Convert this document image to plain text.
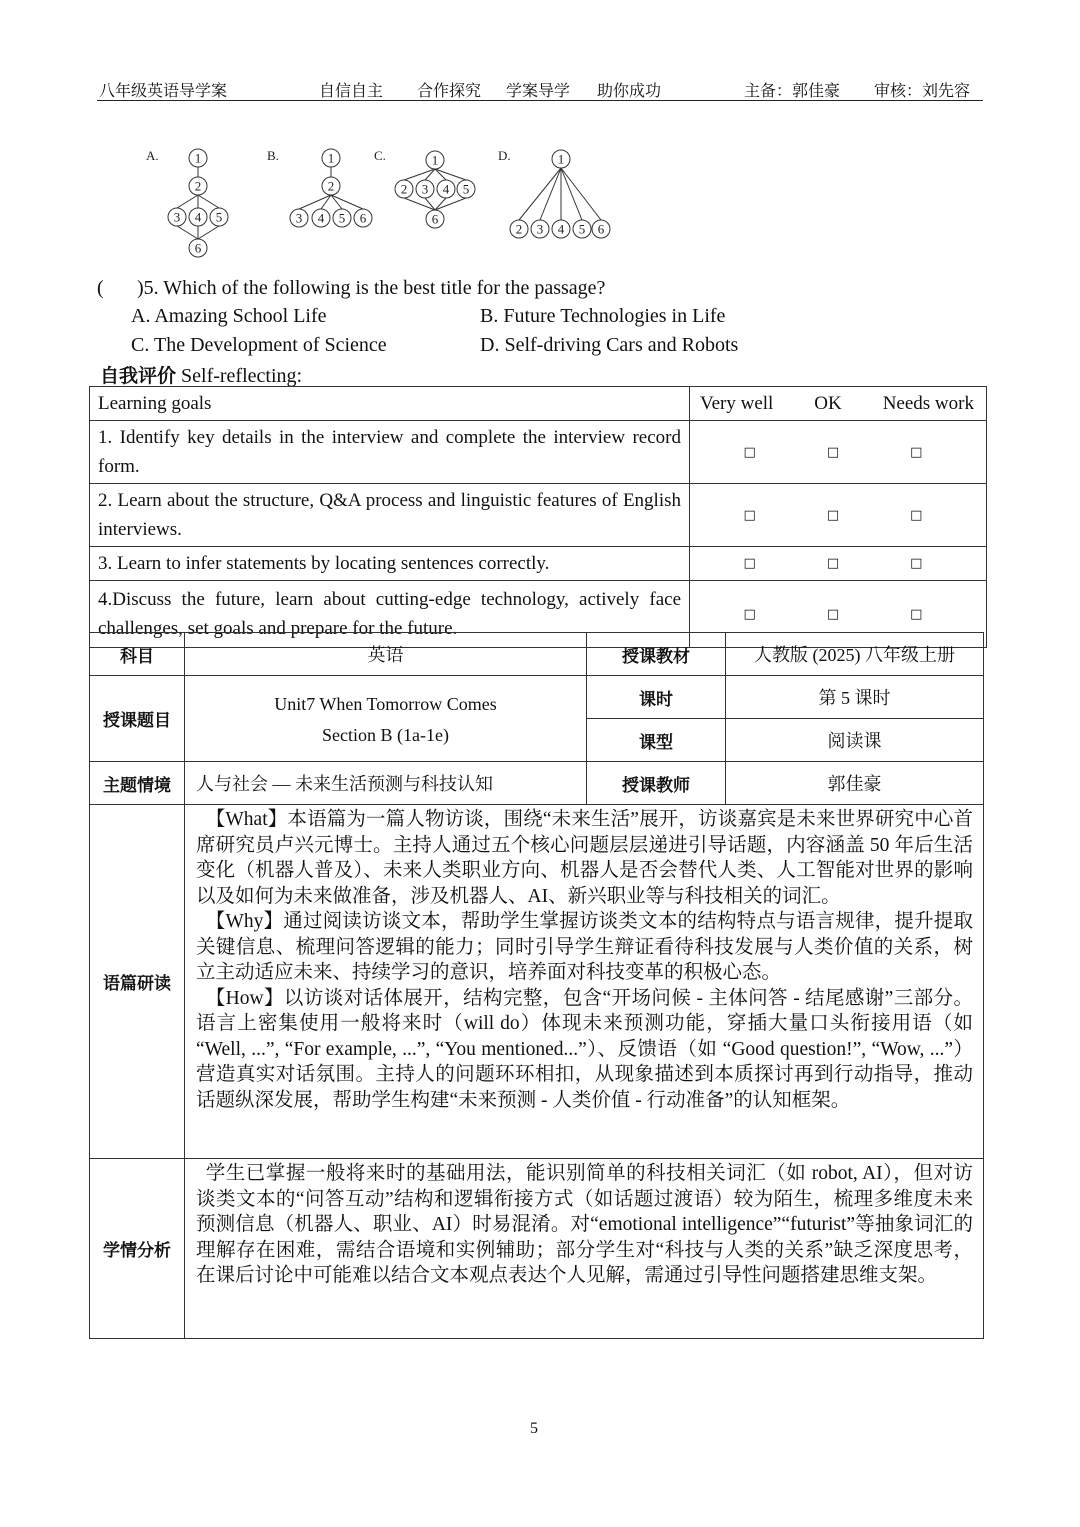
八年级英语导学案	自信自主 合作探究 学案导学 助你成功	主备：郭佳豪 审核：刘先容
A.	B.	C.	D.
1
2
3 4 5
6
1
2
3 4 5 6
1
2 3 4 5
6
1
2 3 4 5 6
( )5. Which of the following is the best title for the passage?
A. Amazing School Life	B. Future Technologies in Life
C. The Development of Science	D. Self-driving Cars and Robots
自我评价 Self-reflecting:
Learning goals	Very well OK Needs work

1. Identify key details in the interview and complete the interview record form.	□ □ □

2. Learn about the structure, Q&A process and linguistic features of English interviews.	□ □ □

3. Learn to infer statements by locating sentences correctly.	□ □ □

4.Discuss the future, learn about cutting-edge technology, actively face challenges, set goals and prepare for the future.	□ □ □
科目	英语	授课教材	人教版 (2025) 八年级上册
授课题目	Unit7 When Tomorrow Comes	课时	第 5 课时
	Section B (1a-1e)	课型	阅读课
主题情境	人与社会 — 未来生活预测与科技认知	授课教师	郭佳豪
语篇研读	【What】本语篇为一篇人物访谈，围绕“未来生活”展开，访谈嘉宾是未来世界研究中心首席研究员卢兴元博士。主持人通过五个核心问题层层递进引导话题，内容涵盖 50 年后生活变化（机器人普及）、未来人类职业方向、机器人是否会替代人类、人工智能对世界的影响以及如何为未来做准备，涉及机器人、AI、新兴职业等与科技相关的词汇。

【Why】通过阅读访谈文本，帮助学生掌握访谈类文本的结构特点与语言规律，提升提取关键信息、梳理问答逻辑的能力；同时引导学生辩证看待科技发展与人类价值的关系，树立主动适应未来、持续学习的意识，培养面对科技变革的积极心态。

【How】以访谈对话体展开，结构完整，包含“开场问候 - 主体问答 - 结尾感谢”三部分。语言上密集使用一般将来时（will do）体现未来预测功能，穿插大量口头衔接用语（如 “Well, ...”, “For example, ...”, “You mentioned...”）、反馈语（如 “Good question!”, “Wow, ...”）营造真实对话氛围。主持人的问题环环相扣，从现象描述到本质探讨再到行动指导，推动话题纵深发展，帮助学生构建“未来预测 - 人类价值 - 行动准备”的认知框架。		

学情分析	学生已掌握一般将来时的基础用法，能识别简单的科技相关词汇（如 robot, AI），但对访谈类文本的“问答互动”结构和逻辑衔接方式（如话题过渡语）较为陌生，梳理多维度未来预测信息（机器人、职业、AI）时易混淆。对“emotional intelligence”“futurist”等抽象词汇的理解存在困难，需结合语境和实例辅助；部分学生对“科技与人类的关系”缺乏深度思考，在课后讨论中可能难以结合文本观点表达个人见解，需通过引导性问题搭建思维支架。		

5
